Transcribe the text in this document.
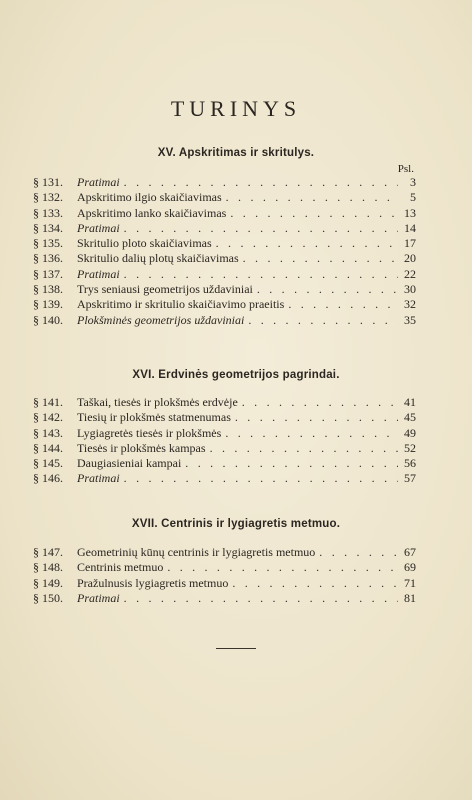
TURINYS
XV. Apskritimas ir skritulys.
Psl.
§ 131.	Pratimai . . .	3
§ 132.	Apskritimo ilgio skaičiavimas . . .	5
§ 133.	Apskritimo lanko skaičiavimas . . .	13
§ 134.	Pratimai . . .	14
§ 135.	Skritulio ploto skaičiavimas . . .	17
§ 136.	Skritulio dalių plotų skaičiavimas . . .	20
§ 137.	Pratimai . . .	22
§ 138.	Trys seniausi geometrijos uždaviniai . . .	30
§ 139.	Apskritimo ir skritulio skaičiavimo praeitis . . .	32
§ 140.	Plokšminės geometrijos uždaviniai . . .	35
XVI. Erdvinės geometrijos pagrindai.
§ 141.	Taškai, tiesės ir plokšmės erdvėje . . .	41
§ 142.	Tiesių ir plokšmės statmenumas . . .	45
§ 143.	Lygiagretės tiesės ir plokšmės . . .	49
§ 144.	Tiesės ir plokšmės kampas . . .	52
§ 145.	Daugiasieniai kampai . . .	56
§ 146.	Pratimai . . .	57
XVII. Centrinis ir lygiagretis metmuo.
§ 147.	Geometrinių kūnų centrinis ir lygiagretis metmuo . . .	67
§ 148.	Centrinis metmuo . . .	69
§ 149.	Pražulnusis lygiagretis metmuo . . .	71
§ 150.	Pratimai . . .	81
